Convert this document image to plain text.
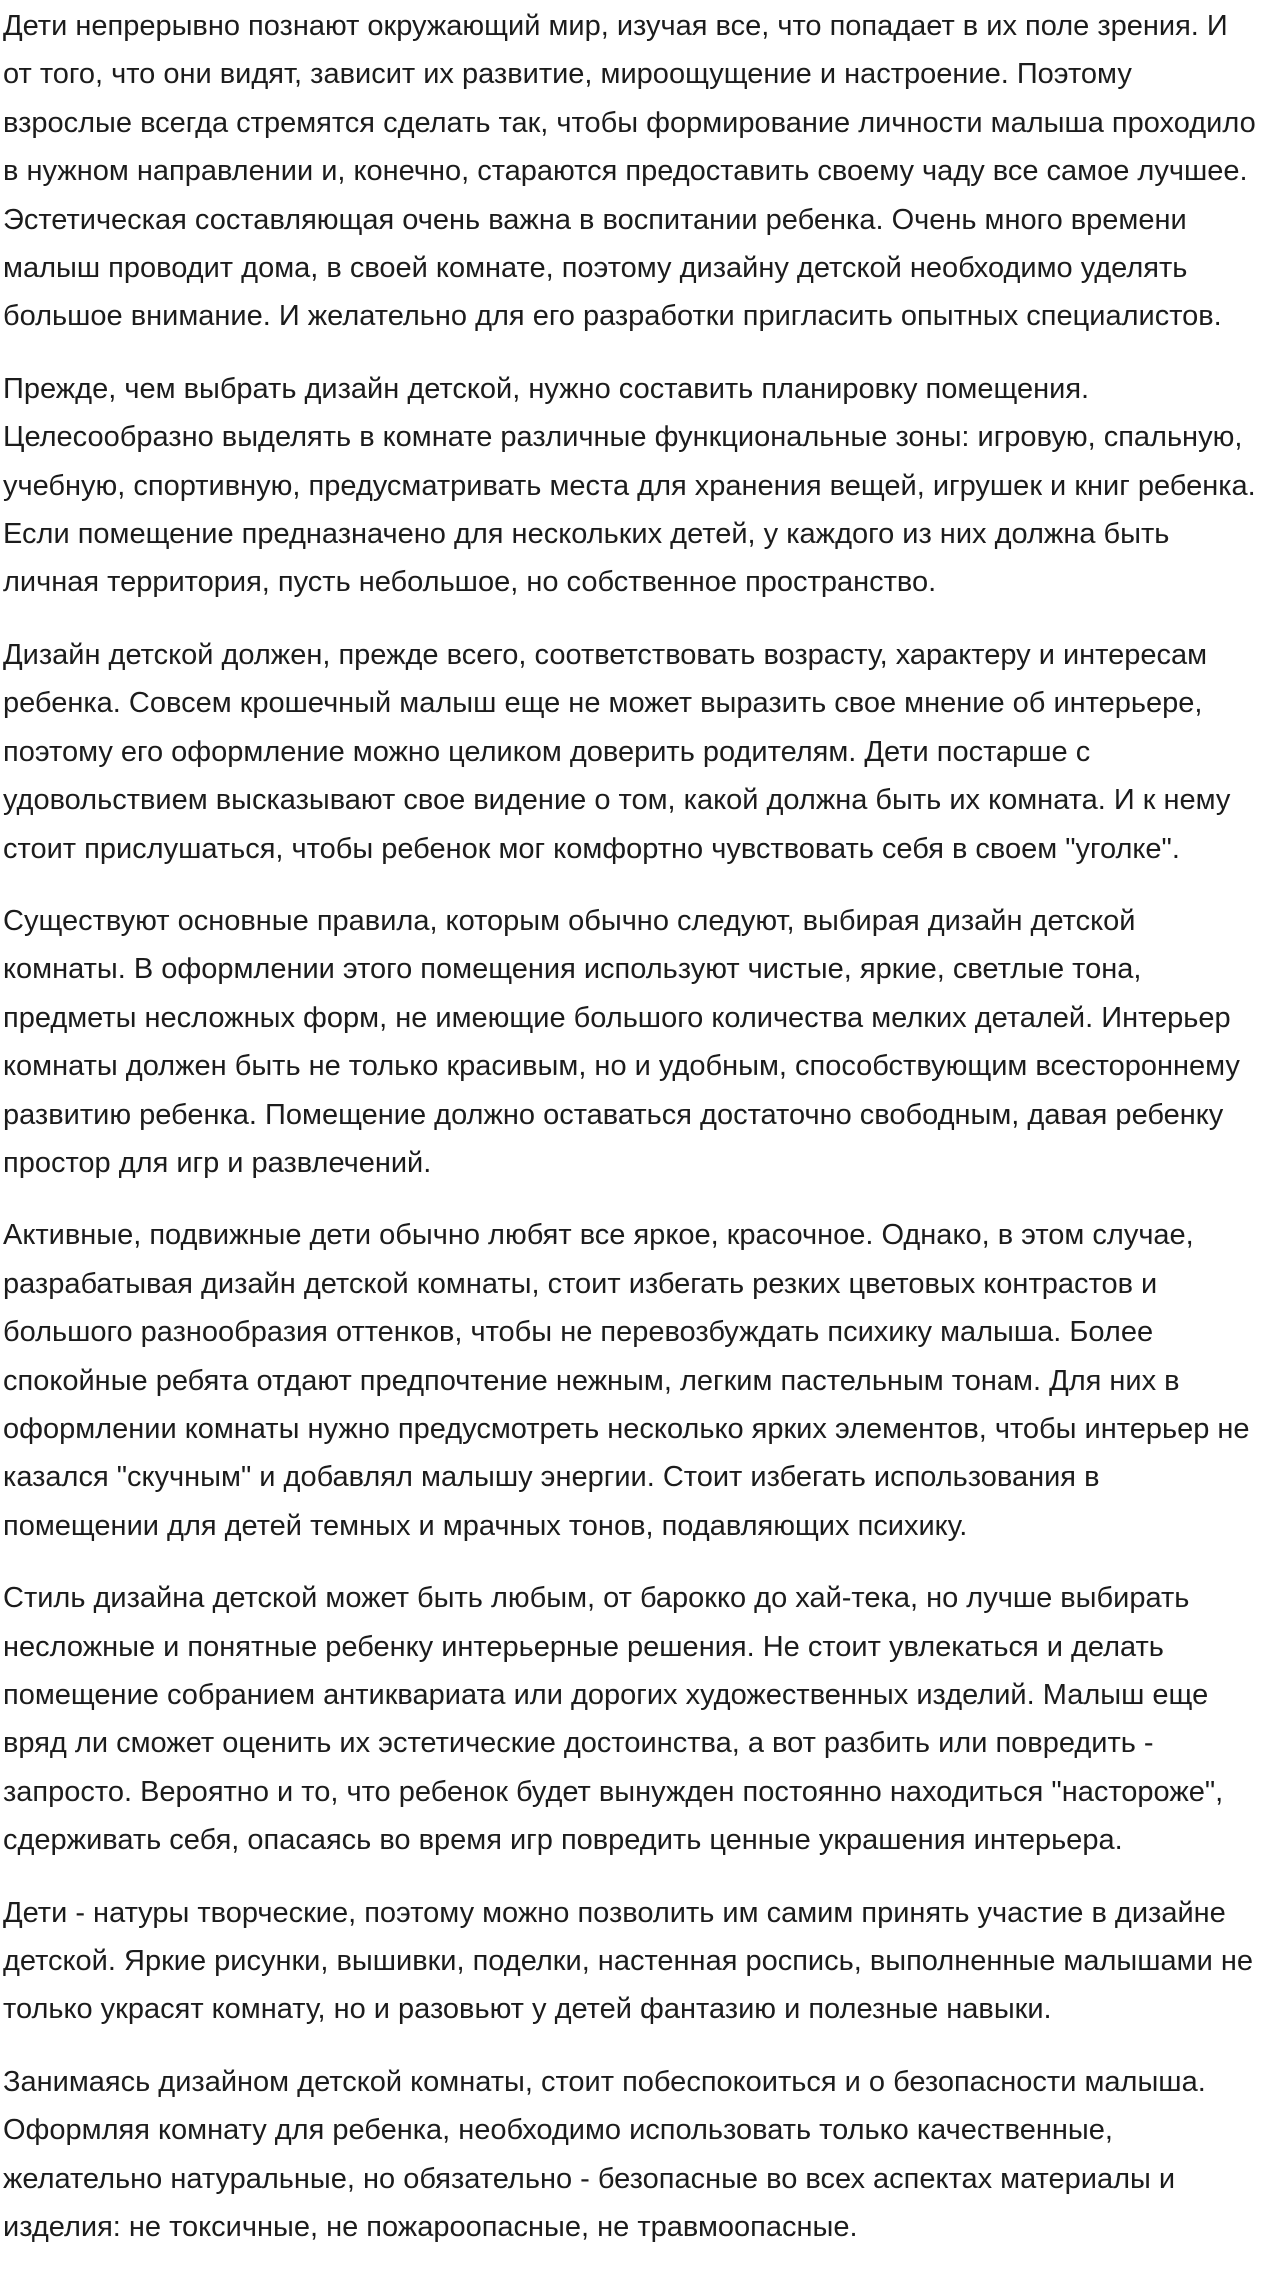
Дети непрерывно познают окружающий мир, изучая все, что попадает в их поле зрения. И от того, что они видят, зависит их развитие, мироощущение и настроение. Поэтому взрослые всегда стремятся сделать так, чтобы формирование личности малыша проходило в нужном направлении и, конечно, стараются предоставить своему чаду все самое лучшее. Эстетическая составляющая очень важна в воспитании ребенка. Очень много времени малыш проводит дома, в своей комнате, поэтому дизайну детской необходимо уделять большое внимание. И желательно для его разработки пригласить опытных специалистов.

Прежде, чем выбрать дизайн детской, нужно составить планировку помещения. Целесообразно выделять в комнате различные функциональные зоны: игровую, спальную, учебную, спортивную, предусматривать места для хранения вещей, игрушек и книг ребенка. Если помещение предназначено для нескольких детей, у каждого из них должна быть личная территория, пусть небольшое, но собственное пространство.

Дизайн детской должен, прежде всего, соответствовать возрасту, характеру и интересам ребенка. Совсем крошечный малыш еще не может выразить свое мнение об интерьере, поэтому его оформление можно целиком доверить родителям. Дети постарше с удовольствием высказывают свое видение о том, какой должна быть их комната. И к нему стоит прислушаться, чтобы ребенок мог комфортно чувствовать себя в своем "уголке".

Существуют основные правила, которым обычно следуют, выбирая дизайн детской комнаты. В оформлении этого помещения используют чистые, яркие, светлые тона, предметы несложных форм, не имеющие большого количества мелких деталей. Интерьер комнаты должен быть не только красивым, но и удобным, способствующим всестороннему развитию ребенка. Помещение должно оставаться достаточно свободным, давая ребенку простор для игр и развлечений.

Активные, подвижные дети обычно любят все яркое, красочное. Однако, в этом случае, разрабатывая дизайн детской комнаты, стоит избегать резких цветовых контрастов и большого разнообразия оттенков, чтобы не перевозбуждать психику малыша. Более спокойные ребята отдают предпочтение нежным, легким пастельным тонам. Для них в оформлении комнаты нужно предусмотреть несколько ярких элементов, чтобы интерьер не казался "скучным" и добавлял малышу энергии. Стоит избегать использования в помещении для детей темных и мрачных тонов, подавляющих психику.

Стиль дизайна детской может быть любым, от барокко до хай-тека, но лучше выбирать несложные и понятные ребенку интерьерные решения. Не стоит увлекаться и делать помещение собранием антиквариата или дорогих художественных изделий. Малыш еще вряд ли сможет оценить их эстетические достоинства, а вот разбить или повредить - запросто. Вероятно и то, что ребенок будет вынужден постоянно находиться "настороже", сдерживать себя, опасаясь во время игр повредить ценные украшения интерьера.

Дети - натуры творческие, поэтому можно позволить им самим принять участие в дизайне детской. Яркие рисунки, вышивки, поделки, настенная роспись, выполненные малышами не только украсят комнату, но и разовьют у детей фантазию и полезные навыки.

Занимаясь дизайном детской комнаты, стоит побеспокоиться и о безопасности малыша. Оформляя комнату для ребенка, необходимо использовать только качественные, желательно натуральные, но обязательно - безопасные во всех аспектах материалы и изделия: не токсичные, не пожароопасные, не травмоопасные.
